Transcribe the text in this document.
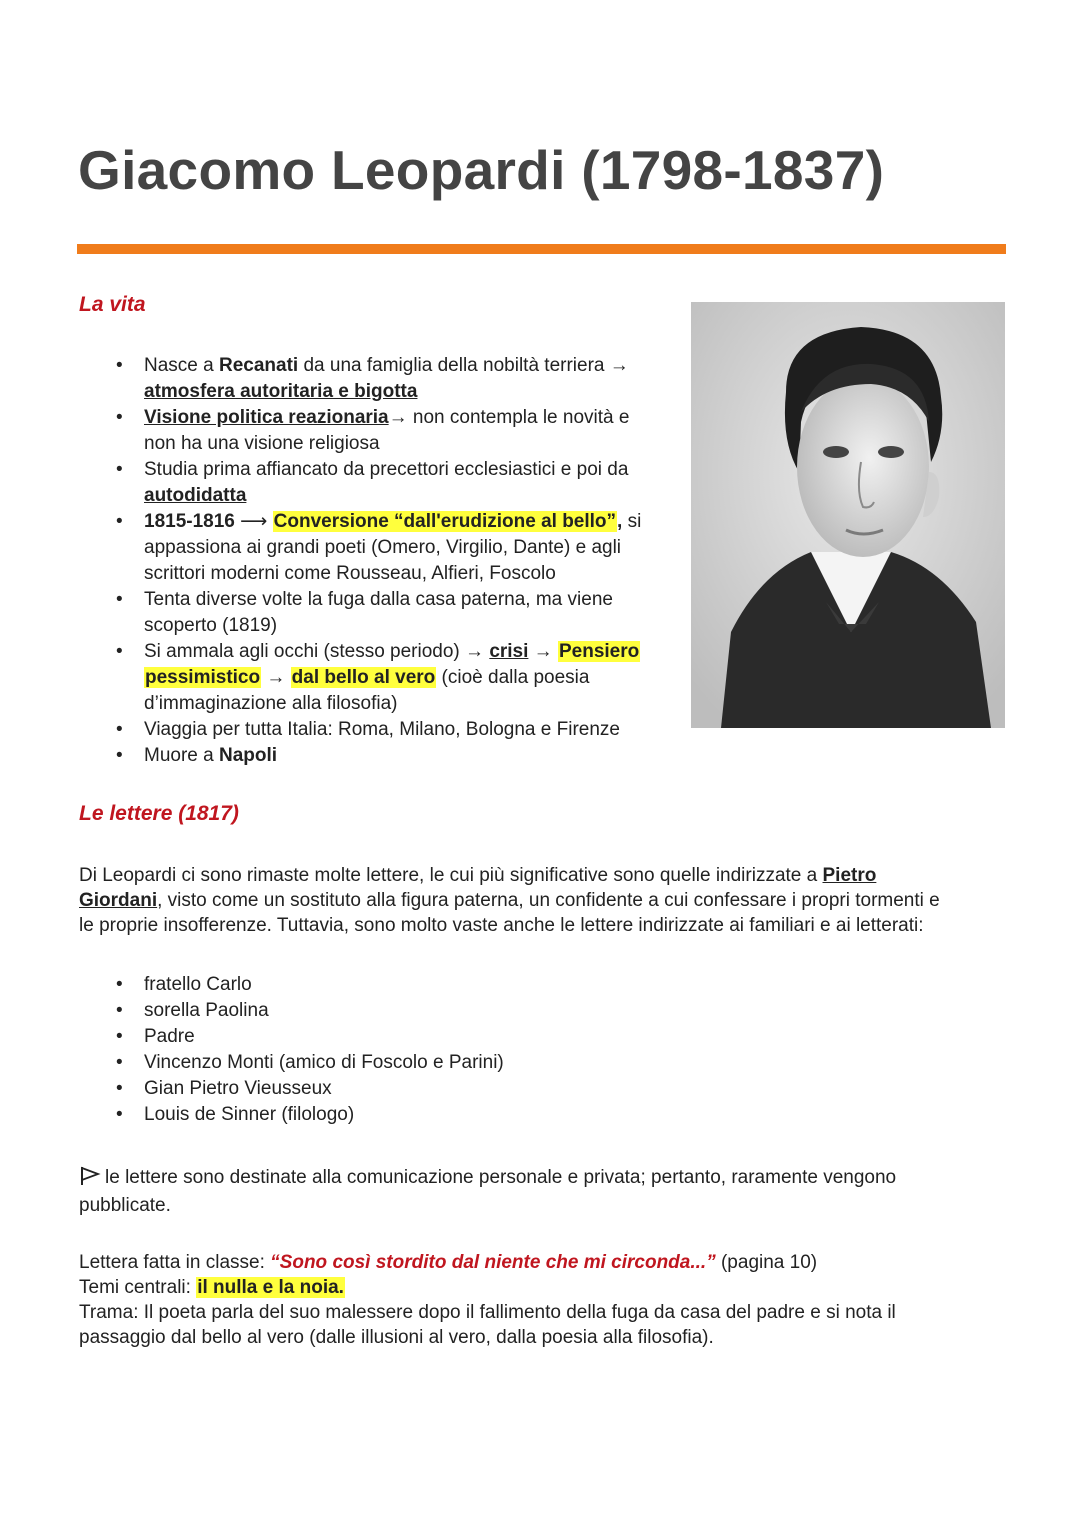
Giacomo Leopardi (1798-1837)
La vita
• Nasce a Recanati da una famiglia della nobiltà terriera →
atmosfera autoritaria e bigotta
• Visione politica reazionaria→ non contempla le novità e
non ha una visione religiosa
• Studia prima affiancato da precettori ecclesiastici e poi da
autodidatta
• 1815-1816 ⟶ Conversione “dall'erudizione al bello”, si
appassiona ai grandi poeti (Omero, Virgilio, Dante) e agli
scrittori moderni come Rousseau, Alfieri, Foscolo
• Tenta diverse volte la fuga dalla casa paterna, ma viene
scoperto (1819)
• Si ammala agli occhi (stesso periodo) → crisi → Pensiero
pessimistico → dal bello al vero (cioè dalla poesia
d’immaginazione alla filosofia)
• Viaggia per tutta Italia: Roma, Milano, Bologna e Firenze
• Muore a Napoli
Le lettere (1817)

Di Leopardi ci sono rimaste molte lettere, le cui più significative sono quelle indirizzate a Pietro
Giordani, visto come un sostituto alla figura paterna, un confidente a cui confessare i propri tormenti e
le proprie insofferenze. Tuttavia, sono molto vaste anche le lettere indirizzate ai familiari e ai letterati:

• fratello Carlo
• sorella Paolina
• Padre
• Vincenzo Monti (amico di Foscolo e Parini)
• Gian Pietro Vieusseux
• Louis de Sinner (filologo)

le lettere sono destinate alla comunicazione personale e privata; pertanto, raramente vengono
pubblicate.

Lettera fatta in classe: “Sono così stordito dal niente che mi circonda...” (pagina 10)
Temi centrali: il nulla e la noia.
Trama: Il poeta parla del suo malessere dopo il fallimento della fuga da casa del padre e si nota il
passaggio dal bello al vero (dalle illusioni al vero, dalla poesia alla filosofia).
